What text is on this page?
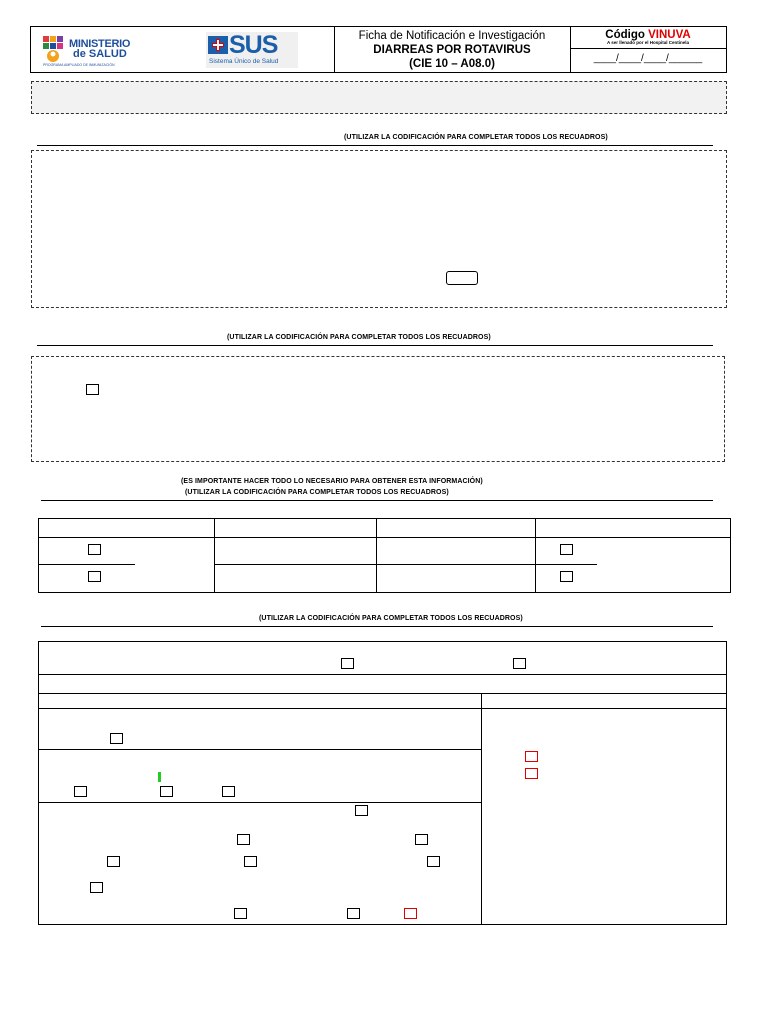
MINISTERIO
de SALUD
PROGRAMA AMPLIADO DE INMUNIZACIÓN
SUS
Sistema Único de Salud
Ficha de Notificación e Investigación
DIARREAS POR ROTAVIRUS
(CIE 10 – A08.0)
Código VINUVA
A ser llenado por el Hospital Centinela
____/____/____/______
(UTILIZAR LA CODIFICACIÓN PARA COMPLETAR TODOS LOS RECUADROS)
(UTILIZAR LA CODIFICACIÓN PARA COMPLETAR TODOS LOS RECUADROS)
(ES IMPORTANTE HACER TODO LO NECESARIO PARA OBTENER ESTA INFORMACIÓN)
(UTILIZAR LA CODIFICACIÓN PARA COMPLETAR TODOS LOS RECUADROS)
(UTILIZAR LA CODIFICACIÓN PARA COMPLETAR TODOS LOS RECUADROS)
